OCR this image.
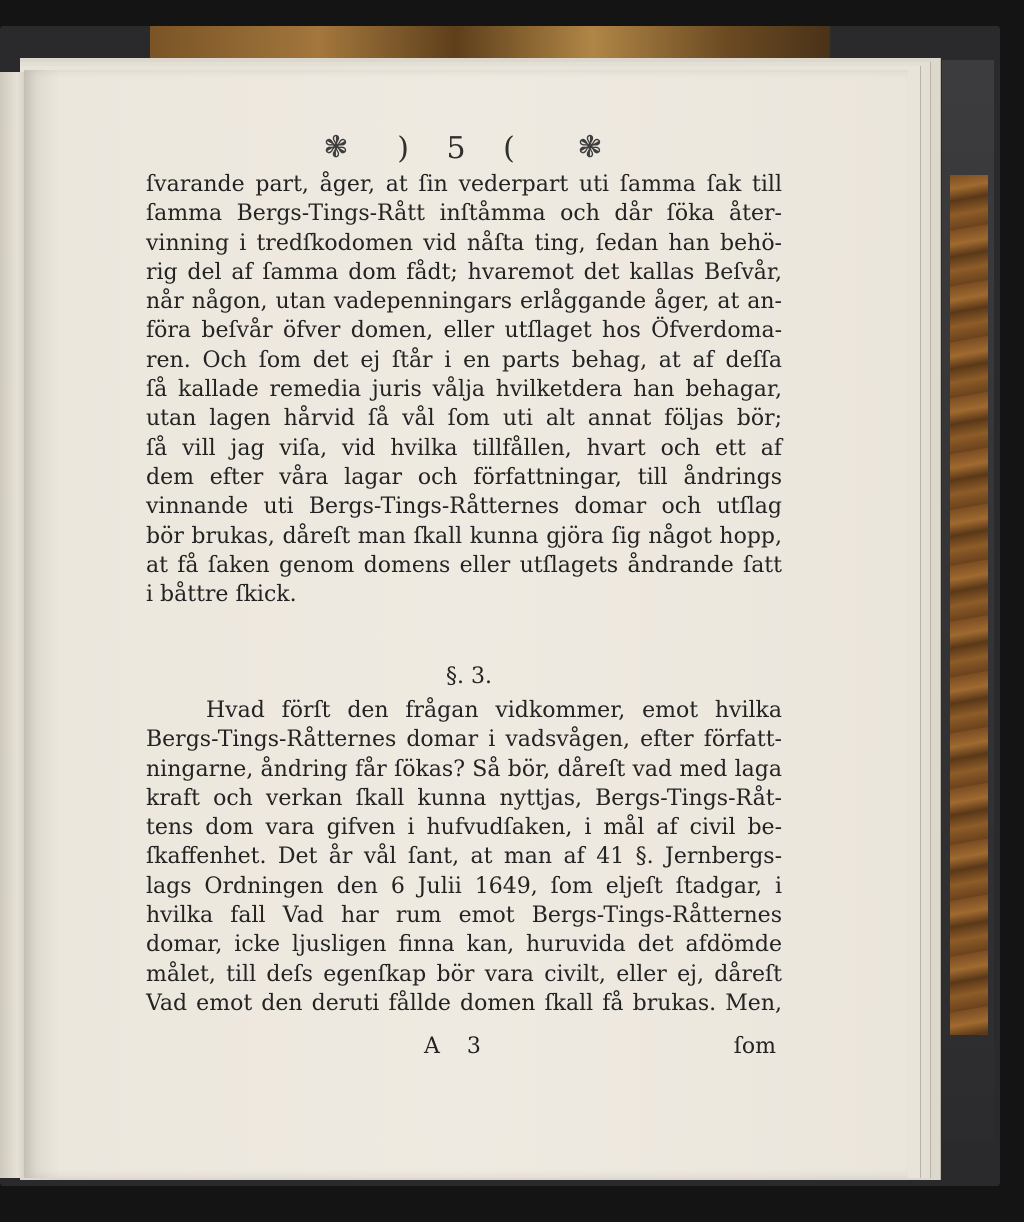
❃ ) 5 ( ❃
ſvarande part, åger, at ſin vederpart uti ſamma ſak till
ſamma Bergs-Tings-Rått inſtåmma och dår ſöka åter-
vinning i tredſkodomen vid nåſta ting, ſedan han behö-
rig del af ſamma dom fådt; hvaremot det kallas Beſvår,
når någon, utan vadepenningars erlåggande åger, at an-
föra beſvår öfver domen, eller utſlaget hos Öfverdoma-
ren. Och ſom det ej ſtår i en parts behag, at af deſſa
ſå kallade remedia juris vålja hvilketdera han behagar,
utan lagen hårvid ſå vål ſom uti alt annat följas bör;
ſå vill jag viſa, vid hvilka tillfållen, hvart och ett af
dem efter våra lagar och författningar, till åndrings
vinnande uti Bergs-Tings-Råtternes domar och utſlag
bör brukas, dåreſt man ſkall kunna gjöra ſig något hopp,
at få ſaken genom domens eller utſlagets åndrande ſatt
i båttre ſkick.
§. 3.
Hvad förſt den frågan vidkommer, emot hvilka
Bergs-Tings-Råtternes domar i vadsvågen, efter författ-
ningarne, åndring får ſökas? Så bör, dåreſt vad med laga
kraft och verkan ſkall kunna nyttjas, Bergs-Tings-Råt-
tens dom vara gifven i hufvudſaken, i mål af civil be-
ſkaffenhet. Det år vål ſant, at man af 41 §. Jernbergs-
lags Ordningen den 6 Julii 1649, ſom eljeſt ſtadgar, i
hvilka fall Vad har rum emot Bergs-Tings-Råtternes
domar, icke ljusligen finna kan, huruvida det afdömde
målet, till deſs egenſkap bör vara civilt, eller ej, dåreſt
Vad emot den deruti fållde domen ſkall få brukas. Men,
A 3	ſom
